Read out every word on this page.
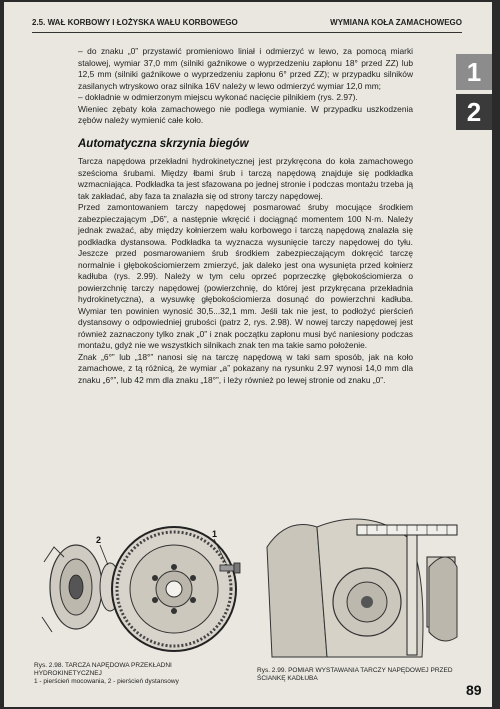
2.5. WAŁ KORBOWY I ŁOŻYSKA WAŁU KORBOWEGO	WYMIANA KOŁA ZAMACHOWEGO
1
2

– do znaku „0” przystawić promieniowo liniał i odmierzyć w lewo, za pomocą miarki stalowej, wymiar 37,0 mm (silniki gaźnikowe o wyprzedzeniu zapłonu 18° przed ZZ) lub 12,5 mm (silniki gaźnikowe o wyprzedzeniu zapłonu 6° przed ZZ); w przypadku silników zasilanych wtryskowo oraz silnika 16V należy w lewo odmierzyć wymiar 12,0 mm;

– dokładnie w odmierzonym miejscu wykonać nacięcie pilnikiem (rys. 2.97).

Wieniec zębaty koła zamachowego nie podlega wymianie. W przypadku uszkodzenia zębów należy wymienić całe koło.

Automatyczna skrzynia biegów

Tarcza napędowa przekładni hydrokinetycznej jest przykręcona do koła zamachowego sześcioma śrubami. Między łbami śrub i tarczą napędową znajduje się podkładka wzmacniająca. Podkładka ta jest sfazowana po jednej stronie i podczas montażu trzeba ją tak zakładać, aby faza ta znalazła się od strony tarczy napędowej.

Przed zamontowaniem tarczy napędowej posmarować śruby mocujące środkiem zabezpieczającym „D6”, a następnie wkręcić i dociągnąć momentem 100 N·m. Należy jednak zważać, aby między kołnierzem wału korbowego i tarczą napędową znalazła się podkładka dystansowa. Podkładka ta wyznacza wysunięcie tarczy napędowej do tyłu. Jeszcze przed posmarowaniem śrub środkiem zabezpieczającym dokręcić tarczę normalnie i głębokościomierzem zmierzyć, jak daleko jest ona wysunięta przed kołnierz kadłuba (rys. 2.99). Należy w tym celu oprzeć poprzeczkę głębokościomierza o powierzchnię tarczy napędowej (powierzchnię, do której jest przykręcana przekładnia hydrokinetyczna), a wysuwkę głębokościomierza dosunąć do powierzchni kadłuba. Wymiar ten powinien wynosić 30,5...32,1 mm. Jeśli tak nie jest, to podłożyć pierścień dystansowy o odpowiedniej grubości (patrz 2, rys. 2.98). W nowej tarczy napędowej jest również zaznaczony tylko znak „0” i znak początku zapłonu musi być naniesiony podczas montażu, gdyż nie we wszystkich silnikach znak ten ma takie samo położenie.

Znak „6°” lub „18°” nanosi się na tarczę napędową w taki sam sposób, jak na koło zamachowe, z tą różnicą, że wymiar „a” pokazany na rysunku 2.97 wynosi 14,0 mm dla znaku „6°”, lub 42 mm dla znaku „18°”, i leży również po lewej stronie od znaku „0”.

2
1
Rys. 2.98. TARCZA NAPĘDOWA PRZEKŁADNI HYDROKINETYCZNEJ
1 - pierścień mocowania, 2 - pierścień dystansowy
Rys. 2.99. POMIAR WYSTAWANIA TARCZY NAPĘDOWEJ PRZED ŚCIANKĘ KADŁUBA
89
